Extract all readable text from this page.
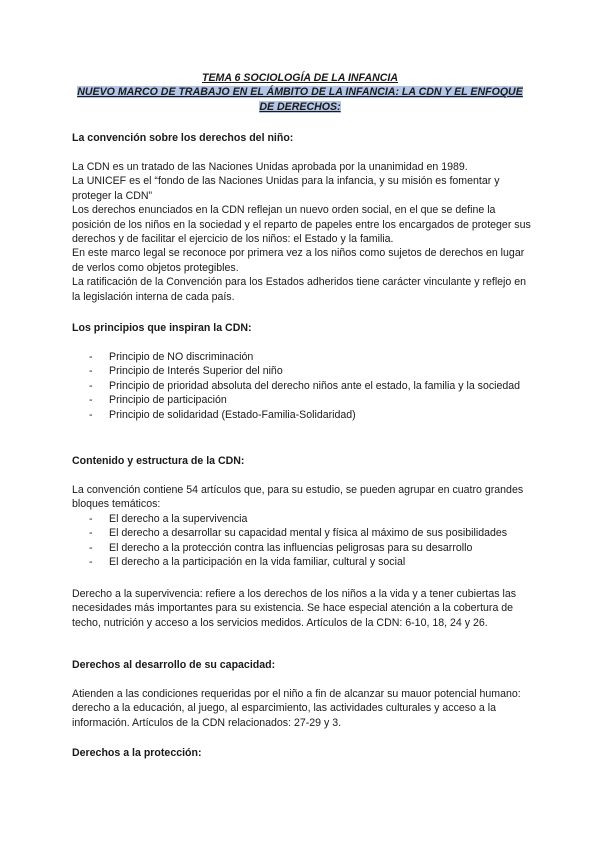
TEMA 6 SOCIOLOGÍA DE LA INFANCIA
NUEVO MARCO DE TRABAJO EN EL ÁMBITO DE LA INFANCIA: LA CDN Y EL ENFOQUE DE DERECHOS:
La convención sobre los derechos del niño:

La CDN es un tratado de las Naciones Unidas aprobada por la unanimidad en 1989.

La UNICEF es el “fondo de las Naciones Unidas para la infancia, y su misión es fomentar y proteger la CDN”

Los derechos enunciados en la CDN reflejan un nuevo orden social, en el que se define la posición de los niños en la sociedad y el reparto de papeles entre los encargados de proteger sus derechos y de facilitar el ejercicio de los niños: el Estado y la familia.

En este marco legal se reconoce por primera vez a los niños como sujetos de derechos en lugar de verlos como objetos protegibles.

La ratificación de la Convención para los Estados adheridos tiene carácter vinculante y reflejo en la legislación interna de cada país.

Los principios que inspiran la CDN:
- Principio de NO discriminación
- Principio de Interés Superior del niño
- Principio de prioridad absoluta del derecho niños ante el estado, la familia y la sociedad
- Principio de participación
- Principio de solidaridad (Estado-Familia-Solidaridad)
Contenido y estructura de la CDN:

La convención contiene 54 artículos que, para su estudio, se pueden agrupar en cuatro grandes bloques temáticos:

- El derecho a la supervivencia
- El derecho a desarrollar su capacidad mental y física al máximo de sus posibilidades
- El derecho a la protección contra las influencias peligrosas para su desarrollo
- El derecho a la participación en la vida familiar, cultural y social

Derecho a la supervivencia: refiere a los derechos de los niños a la vida y a tener cubiertas las necesidades más importantes para su existencia. Se hace especial atención a la cobertura de techo, nutrición y acceso a los servicios medidos. Artículos de la CDN: 6-10, 18, 24 y 26.

Derechos al desarrollo de su capacidad:

Atienden a las condiciones requeridas por el niño a fin de alcanzar su mauor potencial humano: derecho a la educación, al juego, al esparcimiento, las actividades culturales y acceso a la información. Artículos de la CDN relacionados: 27-29 y 3.

Derechos a la protección:
